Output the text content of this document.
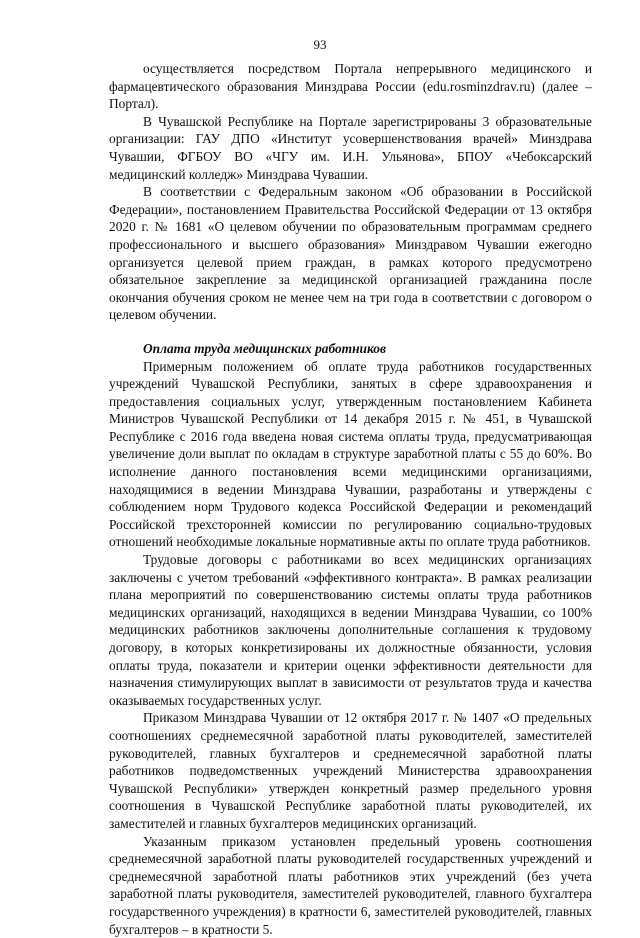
93

осуществляется посредством Портала непрерывного медицинского и фармацевтического образования Минздрава России (edu.rosminzdrav.ru) (далее – Портал).

В Чувашской Республике на Портале зарегистрированы 3 образовательные организации: ГАУ ДПО «Институт усовершенствования врачей» Минздрава Чувашии, ФГБОУ ВО «ЧГУ им. И.Н. Ульянова», БПОУ «Чебоксарский медицинский колледж» Минздрава Чувашии.

В соответствии с Федеральным законом «Об образовании в Российской Федерации», постановлением Правительства Российской Федерации от 13 октября 2020 г. № 1681 «О целевом обучении по образовательным программам среднего профессионального и высшего образования» Минздравом Чувашии ежегодно организуется целевой прием граждан, в рамках которого предусмотрено обязательное закрепление за медицинской организацией гражданина после окончания обучения сроком не менее чем на три года в соответствии с договором о целевом обучении.

Оплата труда медицинских работников

Примерным положением об оплате труда работников государственных учреждений Чувашской Республики, занятых в сфере здравоохранения и предоставления социальных услуг, утвержденным постановлением Кабинета Министров Чувашской Республики от 14 декабря 2015 г. № 451, в Чувашской Республике с 2016 года введена новая система оплаты труда, предусматривающая увеличение доли выплат по окладам в структуре заработной платы с 55 до 60%. Во исполнение данного постановления всеми медицинскими организациями, находящимися в ведении Минздрава Чувашии, разработаны и утверждены с соблюдением норм Трудового кодекса Российской Федерации и рекомендаций Российской трехсторонней комиссии по регулированию социально-трудовых отношений необходимые локальные нормативные акты по оплате труда работников.

Трудовые договоры с работниками во всех медицинских организациях заключены с учетом требований «эффективного контракта». В рамках реализации плана мероприятий по совершенствованию системы оплаты труда работников медицинских организаций, находящихся в ведении Минздрава Чувашии, со 100% медицинских работников заключены дополнительные соглашения к трудовому договору, в которых конкретизированы их должностные обязанности, условия оплаты труда, показатели и критерии оценки эффективности деятельности для назначения стимулирующих выплат в зависимости от результатов труда и качества оказываемых государственных услуг.

Приказом Минздрава Чувашии от 12 октября 2017 г. № 1407 «О предельных соотношениях среднемесячной заработной платы руководителей, заместителей руководителей, главных бухгалтеров и среднемесячной заработной платы работников подведомственных учреждений Министерства здравоохранения Чувашской Республики» утвержден конкретный размер предельного уровня соотношения в Чувашской Республике заработной платы руководителей, их заместителей и главных бухгалтеров медицинских организаций.

Указанным приказом установлен предельный уровень соотношения среднемесячной заработной платы руководителей государственных учреждений и среднемесячной заработной платы работников этих учреждений (без учета заработной платы руководителя, заместителей руководителей, главного бухгалтера государственного учреждения) в кратности 6, заместителей руководителей, главных бухгалтеров – в кратности 5.
